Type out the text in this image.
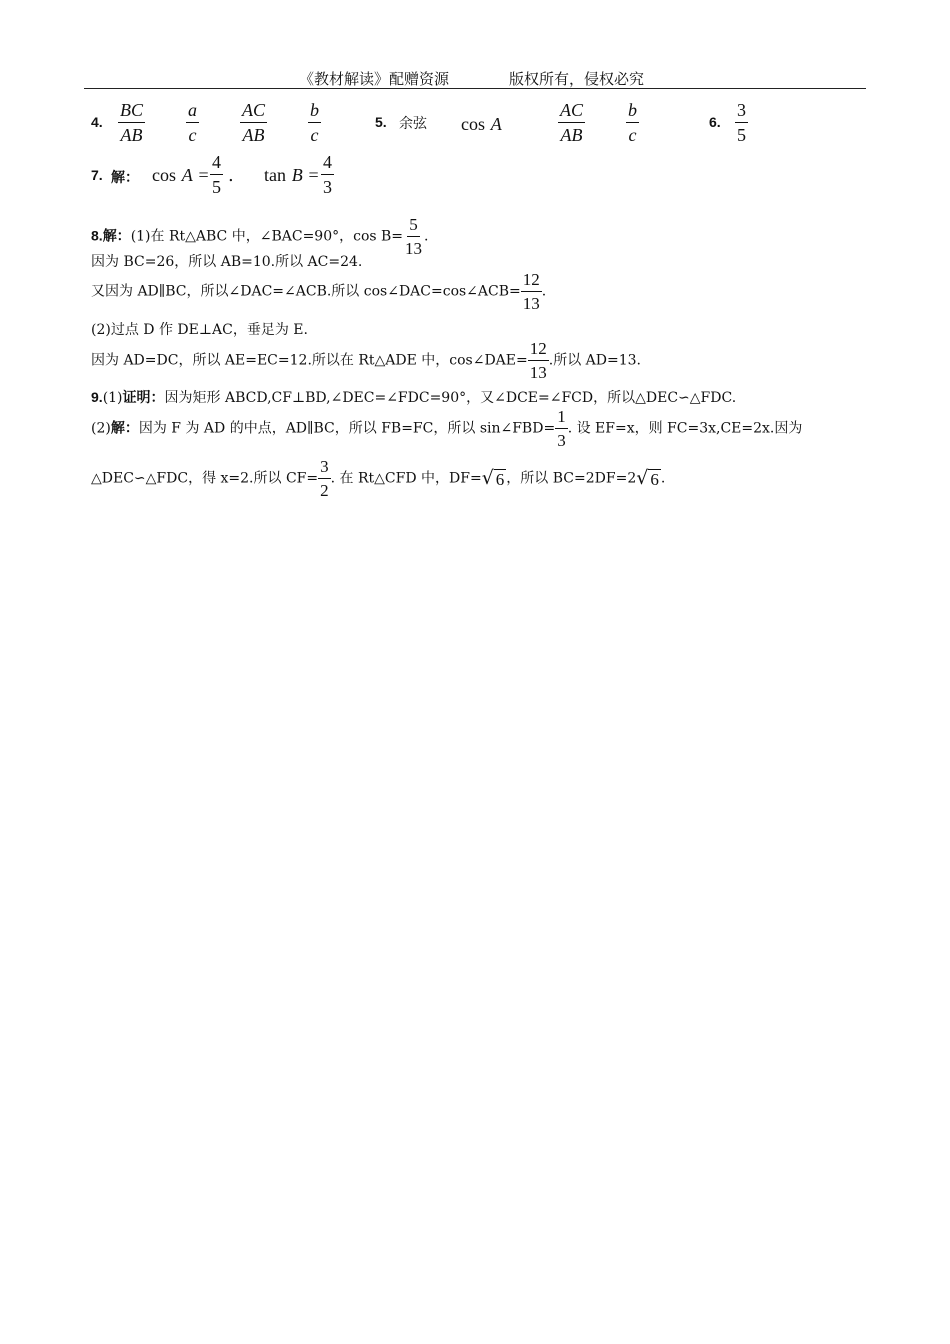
《教材解读》配赠资源	版权所有，侵权必究
4. $\frac{BC}{AB} \frac{a}{c} \frac{AC}{AB} \frac{b}{c}$	5. 余弦 cos A	$\frac{AC}{AB} \frac{b}{c}$	6. $\frac{3}{5}$
7. 解： $\cos A = \frac{4}{5}$ . $\tan B = \frac{4}{3}$
8.解：(1)在 Rt△ABC 中，∠BAC=90°，$\cos B= \frac{5}{13}$ .
因为 BC=26，所以 AB=10.所以 AC=24.
又因为 AD∥BC，所以∠DAC=∠ACB.所以 cos∠DAC=cos∠ACB= $\frac{12}{13}$ .
(2)过点 D 作 DE⊥AC，垂足为 E.
因为 AD=DC，所以 AE=EC=12.所以在 Rt△ADE 中，cos∠DAE= $\frac{12}{13}$ .所以 AD=13.
9.(1)证明：因为矩形 ABCD,CF⊥BD,∠DEC=∠FDC=90°，又∠DCE=∠FCD，所以△DEC∽△FDC.
(2)解：因为 F 为 AD 的中点，AD∥BC，所以 FB=FC，所以 sin∠FBD= $\frac{1}{3}$ . 设 EF=x，则 FC=3x,CE=2x.因为
△DEC∽△FDC，得 x=2.所以 $CF= \frac{3}{2}$ . 在 Rt△CFD 中，DF= √ 6 ，所以 BC=2DF=2 √ 6 .
